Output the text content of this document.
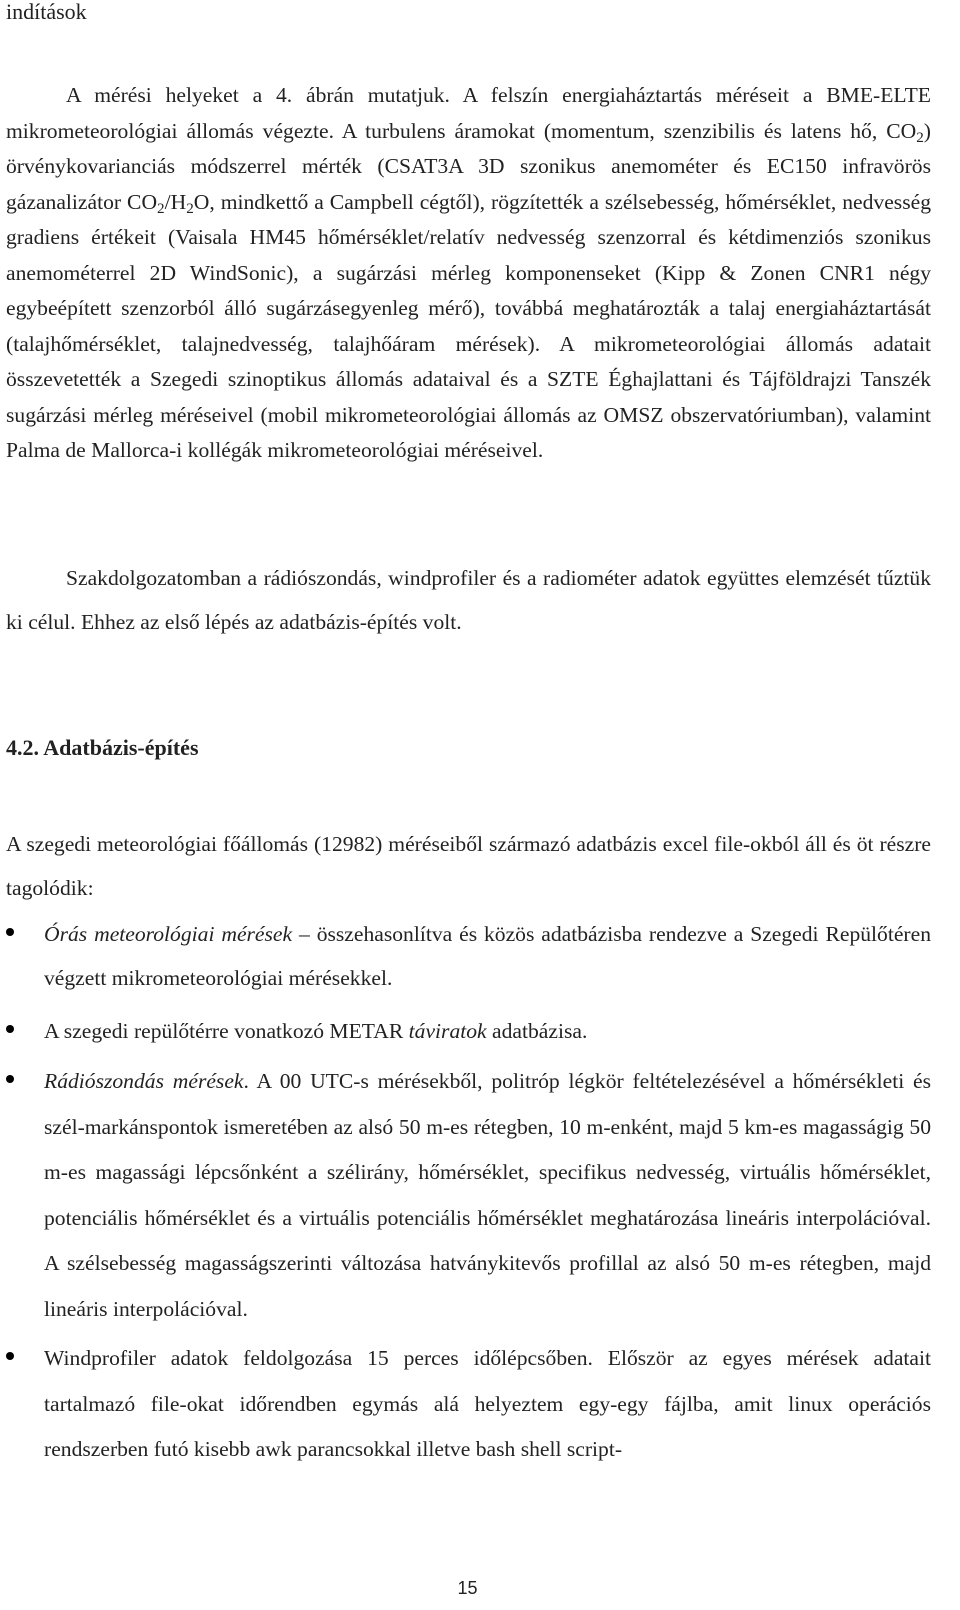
indítások
A mérési helyeket a 4. ábrán mutatjuk. A felszín energiaháztartás méréseit a BME-ELTE mikrometeorológiai állomás végezte. A turbulens áramokat (momentum, szenzibilis és latens hő, $CO_2$) örvénykovarianciás módszerrel mérték (CSAT3A 3D szonikus anemométer és EC150 infravörös gázanalizátor $CO_2/H_2O$, mindkettő a Campbell cégtől), rögzítették a szélsebesség, hőmérséklet, nedvesség gradiens értékeit (Vaisala HM45 hőmérséklet/relatív nedvesség szenzorral és kétdimenziós szonikus anemométerrel 2D WindSonic), a sugárzási mérleg komponenseket (Kipp & Zonen CNR1 négy egybeépített szenzorból álló sugárzásegyenleg mérő), továbbá meghatározták a talaj energiaháztartását (talajhőmérséklet, talajnedvesség, talajhőáram mérések). A mikrometeorológiai állomás adatait összevetették a Szegedi szinoptikus állomás adataival és a SZTE Éghajlattani és Tájföldrajzi Tanszék sugárzási mérleg méréseivel (mobil mikrometeorológiai állomás az OMSZ obszervatóriumban), valamint Palma de Mallorca-i kollégák mikrometeorológiai méréseivel.
Szakdolgozatomban a rádiószondás, windprofiler és a radiométer adatok együttes elemzését tűztük ki célul. Ehhez az első lépés az adatbázis-építés volt.
4.2. Adatbázis-építés
A szegedi meteorológiai főállomás (12982) méréseiből származó adatbázis excel file-okból áll és öt részre tagolódik:
Órás meteorológiai mérések – összehasonlítva és közös adatbázisba rendezve a Szegedi Repülőtéren végzett mikrometeorológiai mérésekkel.
A szegedi repülőtérre vonatkozó METAR táviratok adatbázisa.
Rádiószondás mérések. A 00 UTC-s mérésekből, politróp légkör feltételezésével a hőmérsékleti és szél-markánspontok ismeretében az alsó 50 m-es rétegben, 10 m-enként, majd 5 km-es magasságig 50 m-es magassági lépcsőnként a szélirány, hőmérséklet, specifikus nedvesség, virtuális hőmérséklet, potenciális hőmérséklet és a virtuális potenciális hőmérséklet meghatározása lineáris interpolációval. A szélsebesség magasságszerinti változása hatványkitevős profillal az alsó 50 m-es rétegben, majd lineáris interpolációval.
Windprofiler adatok feldolgozása 15 perces időlépcsőben. Először az egyes mérések adatait tartalmazó file-okat időrendben egymás alá helyeztem egy-egy fájlba, amit linux operációs rendszerben futó kisebb awk parancsokkal illetve bash shell script-
15
